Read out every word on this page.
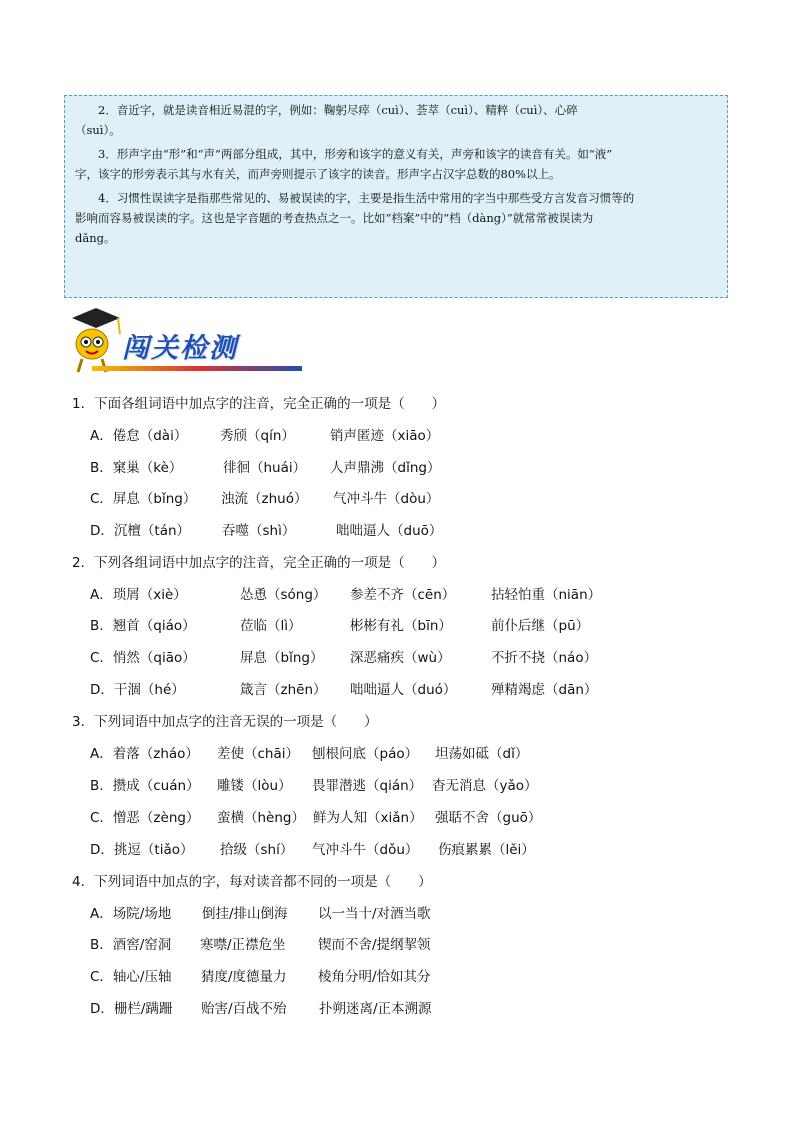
2．音近字，就是读音相近易混的字，例如：鞠躬尽瘁（cuì）、荟萃（cuì）、精粹（cuì）、心碎

（suì）。

3．形声字由“形”和“声”两部分组成，其中，形旁和该字的意义有关，声旁和该字的读音有关。如“液”

字，该字的形旁表示其与水有关，而声旁则提示了该字的读音。形声字占汉字总数的80%以上。

4．习惯性误读字是指那些常见的、易被误读的字，主要是指生活中常用的字当中那些受方言发音习惯等的

影响而容易被误读的字。这也是字音题的考查热点之一。比如“档案”中的“档（dàng）”就常常被误读为

dǎng。

闯关检测
1．下面各组词语中加点字的注音，完全正确的一项是（　　）
A．倦怠（dài） 秀颀（qín）	销声匿迹（xiāo）
B．窠巢（kè）	徘徊（huái） 人声鼎沸（dǐng）
C．屏息（bǐng） 浊流（zhuó） 气冲斗牛（dòu）
D．沉檀（tán） 吞噬（shì）	咄咄逼人（duō）
2．下列各组词语中加点字的注音，完全正确的一项是（　　）
A．琐屑（xiè）	怂恿（sóng） 参差不齐（cēn）	拈轻怕重（niān）
B．翘首（qiáo）	莅临（lì）	彬彬有礼（bīn）	前仆后继（pū）
C．悄然（qiāo）	屏息（bǐng） 深恶痛疾（wù）	不折不挠（náo）
D．干涸（hé）	箴言（zhēn） 咄咄逼人（duó）	殚精竭虑（dān）
3．下列词语中加点字的注音无误的一项是（　　）
A．着落（zháo） 差使（chāi） 刨根问底（páo） 坦荡如砥（dǐ）
B．攒成（cuán） 雕镂（lòu） 畏罪潜逃（qián） 杳无消息（yǎo）
C．憎恶（zèng） 蛮横（hèng） 鲜为人知（xiǎn） 强聒不舍（guō）
D．挑逗（tiǎo） 拾级（shí） 气冲斗牛（dǒu） 伤痕累累（lěi）
4．下列词语中加点的字，每对读音都不同的一项是（　　）
A．场院/场地 倒挂/排山倒海 以一当十/对酒当歌
B．酒窖/窑洞 寒噤/正襟危坐 锲而不舍/提纲挈领
C．轴心/压轴 猜度/度德量力 棱角分明/恰如其分
D．栅栏/蹒跚 贻害/百战不殆 扑朔迷离/正本溯源
